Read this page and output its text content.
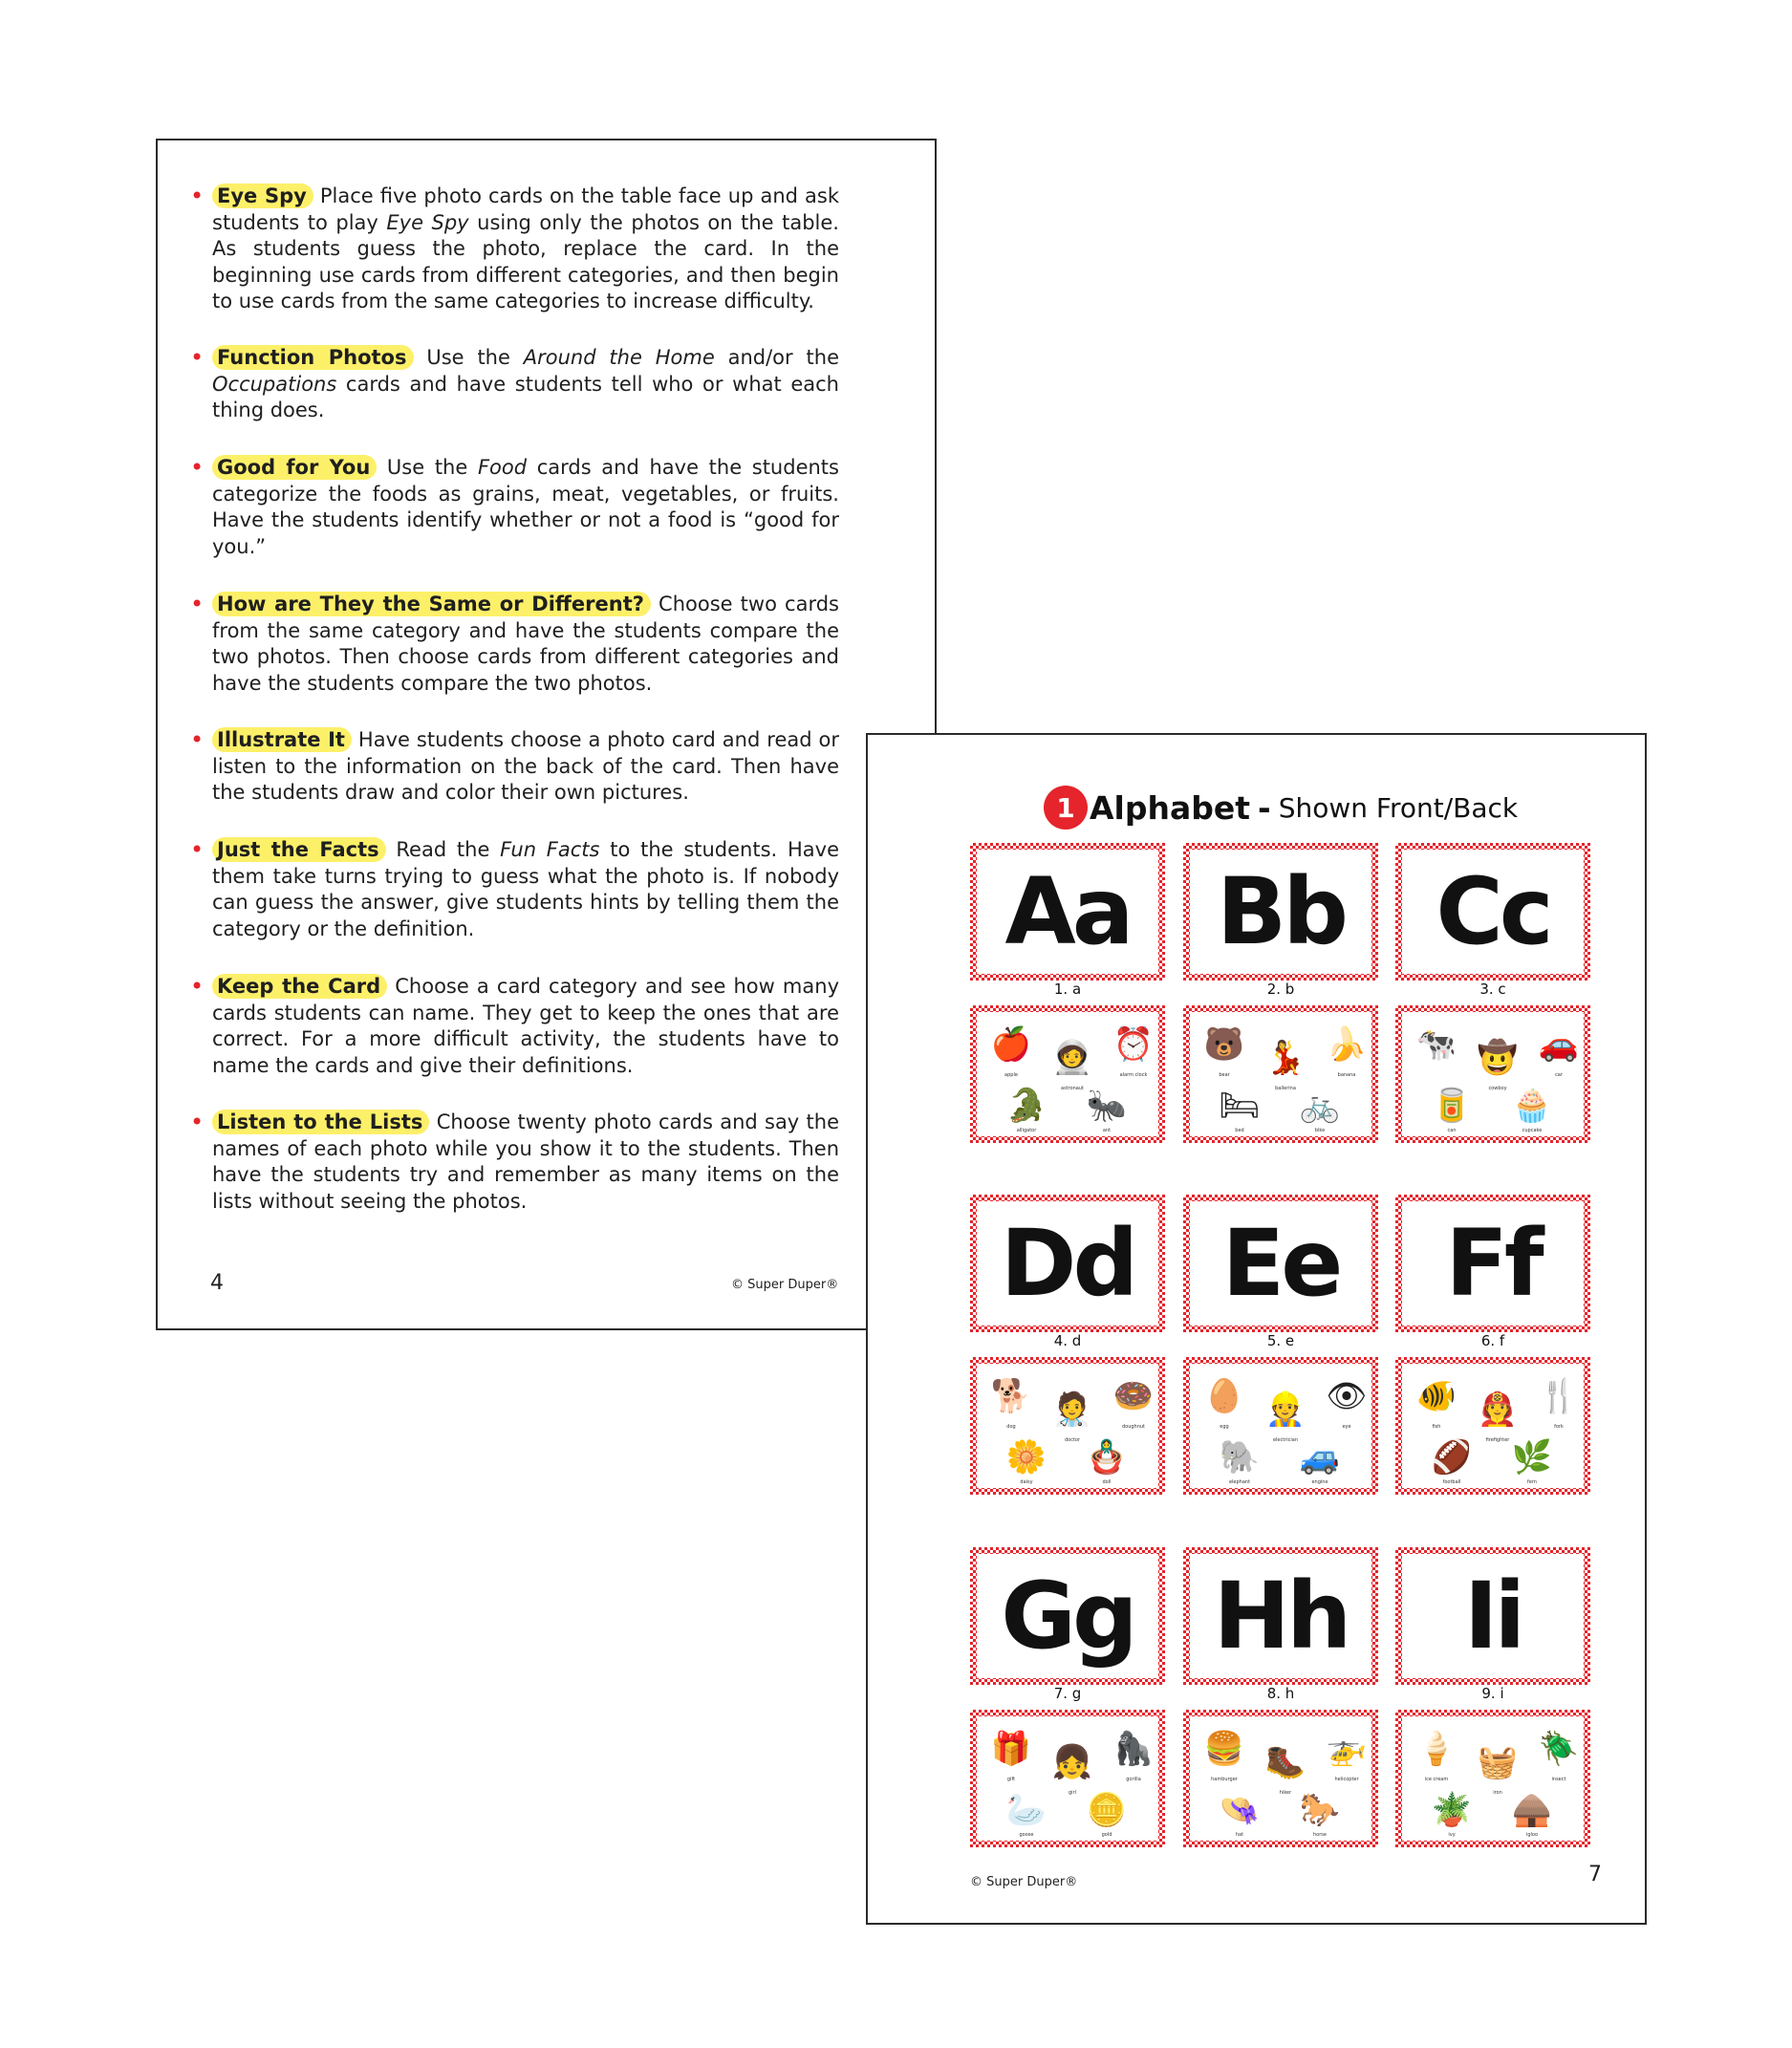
• Eye Spy Place five photo cards on the table face up and ask students to play Eye Spy using only the photos on the table. As students guess the photo, replace the card. In the beginning use cards from different categories, and then begin to use cards from the same categories to increase difficulty.
• Function Photos Use the Around the Home and/or the Occupations cards and have students tell who or what each thing does.
• Good for You Use the Food cards and have the students categorize the foods as grains, meat, vegetables, or fruits. Have the students identify whether or not a food is “good for you.”
• How are They the Same or Different? Choose two cards from the same category and have the students compare the two photos. Then choose cards from different categories and have the students compare the two photos.
• Illustrate It Have students choose a photo card and read or listen to the information on the back of the card. Then have the students draw and color their own pictures.
• Just the Facts Read the Fun Facts to the students. Have them take turns trying to guess what the photo is. If nobody can guess the answer, give students hints by telling them the category or the definition.
• Keep the Card Choose a card category and see how many cards students can name. They get to keep the ones that are correct. For a more difficult activity, the students have to name the cards and give their definitions.
• Listen to the Lists Choose twenty photo cards and say the names of each photo while you show it to the students. Then have the students try and remember as many items on the lists without seeing the photos.
4	© Super Duper®
1 Alphabet - Shown Front/Back
Aa
1. a
🍎
apple	🧑‍🚀
astronaut
⏰
alarm clock
🐊
alligator
🐜
ant
Bb
2. b
🐻
bear	💃
ballerina
🍌
banana
🛏
bed
🚲
bike
Cc
3. c
🐄 🤠
cowboy
🚗
car
🥫
can
🧁
cupcake
Dd
4. d
🐕
dog	🧑‍⚕️
doctor
🍩
doughnut
🌼
daisy
🪆
doll
Ee
5. e
🥚
egg	👷
electrician
👁
eye
🐘
elephant
🚙
engine
Ff
6. f
🐠
fish	🧑‍🚒
firefighter
🍴
fork
🏈
football
🌿
fern
Gg
7. g
🎁
gift	👧
girl
🦍
gorilla
🦢
goose
🪙
gold
Hh
8. h
🍔
hamburger 🥾
hiker
🚁
helicopter
👒
hat
🐎
horse
Ii
9. i
🍦
ice cream 🧺
iron
🪲
insect
🪴
ivy
🛖
igloo
7
© Super Duper®
